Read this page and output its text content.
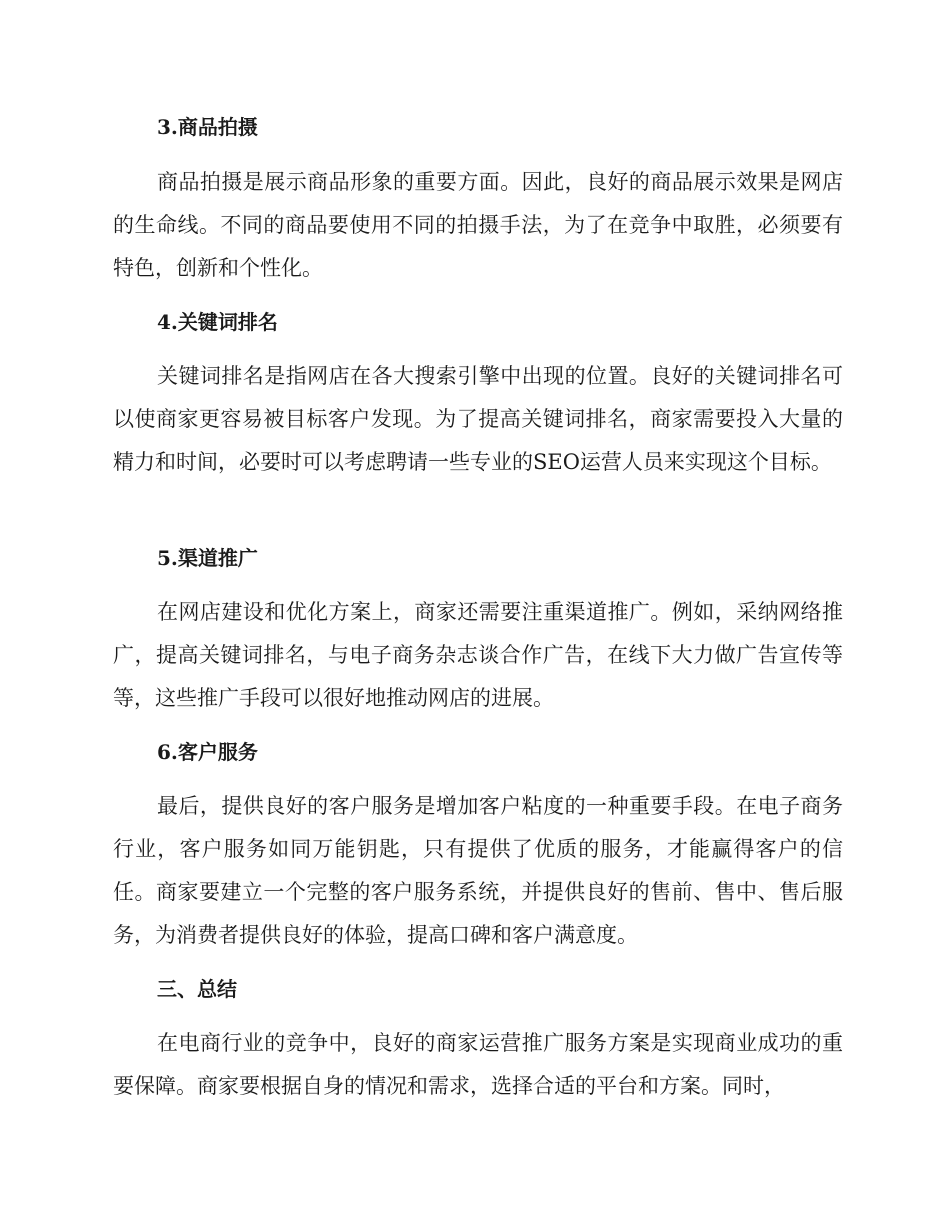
3.商品拍摄

商品拍摄是展示商品形象的重要方面。因此，良好的商品展示效果是网店的生命线。不同的商品要使用不同的拍摄手法，为了在竞争中取胜，必须要有特色，创新和个性化。

4.关键词排名

关键词排名是指网店在各大搜索引擎中出现的位置。良好的关键词排名可以使商家更容易被目标客户发现。为了提高关键词排名，商家需要投入大量的精力和时间，必要时可以考虑聘请一些专业的SEO运营人员来实现这个目标。

5.渠道推广

在网店建设和优化方案上，商家还需要注重渠道推广。例如，采纳网络推广，提高关键词排名，与电子商务杂志谈合作广告，在线下大力做广告宣传等等，这些推广手段可以很好地推动网店的进展。

6.客户服务

最后，提供良好的客户服务是增加客户粘度的一种重要手段。在电子商务行业，客户服务如同万能钥匙，只有提供了优质的服务，才能赢得客户的信任。商家要建立一个完整的客户服务系统，并提供良好的售前、售中、售后服务，为消费者提供良好的体验，提高口碑和客户满意度。

三、总结

在电商行业的竞争中，良好的商家运营推广服务方案是实现商业成功的重要保障。商家要根据自身的情况和需求，选择合适的平台和方案。同时，
